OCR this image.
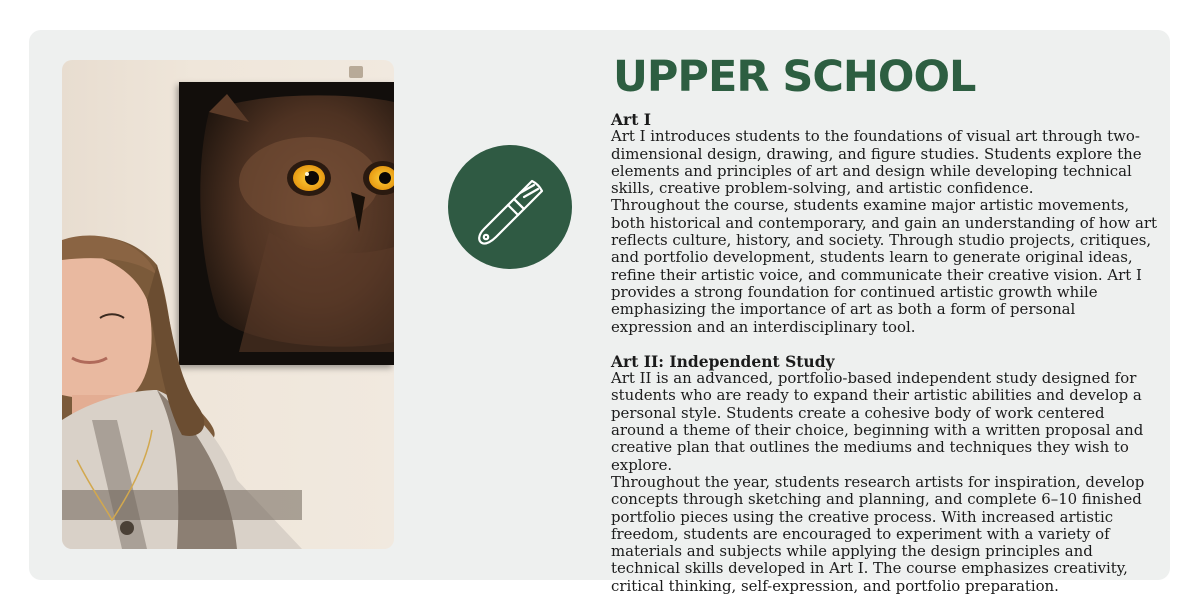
UPPER SCHOOL
Art I

Art I introduces students to the foundations of visual art through two-dimensional design, drawing, and figure studies. Students explore the elements and principles of art and design while developing technical skills, creative problem-solving, and artistic confidence.

Throughout the course, students examine major artistic movements, both historical and contemporary, and gain an understanding of how art reflects culture, history, and society. Through studio projects, critiques, and portfolio development, students learn to generate original ideas, refine their artistic voice, and communicate their creative vision. Art I provides a strong foundation for continued artistic growth while emphasizing the importance of art as both a form of personal expression and an interdisciplinary tool.

Art II: Independent Study

Art II is an advanced, portfolio-based independent study designed for students who are ready to expand their artistic abilities and develop a personal style. Students create a cohesive body of work centered around a theme of their choice, beginning with a written proposal and creative plan that outlines the mediums and techniques they wish to explore.

Throughout the year, students research artists for inspiration, develop concepts through sketching and planning, and complete 6–10 finished portfolio pieces using the creative process. With increased artistic freedom, students are encouraged to experiment with a variety of materials and subjects while applying the design principles and technical skills developed in Art I. The course emphasizes creativity, critical thinking, self-expression, and portfolio preparation.
